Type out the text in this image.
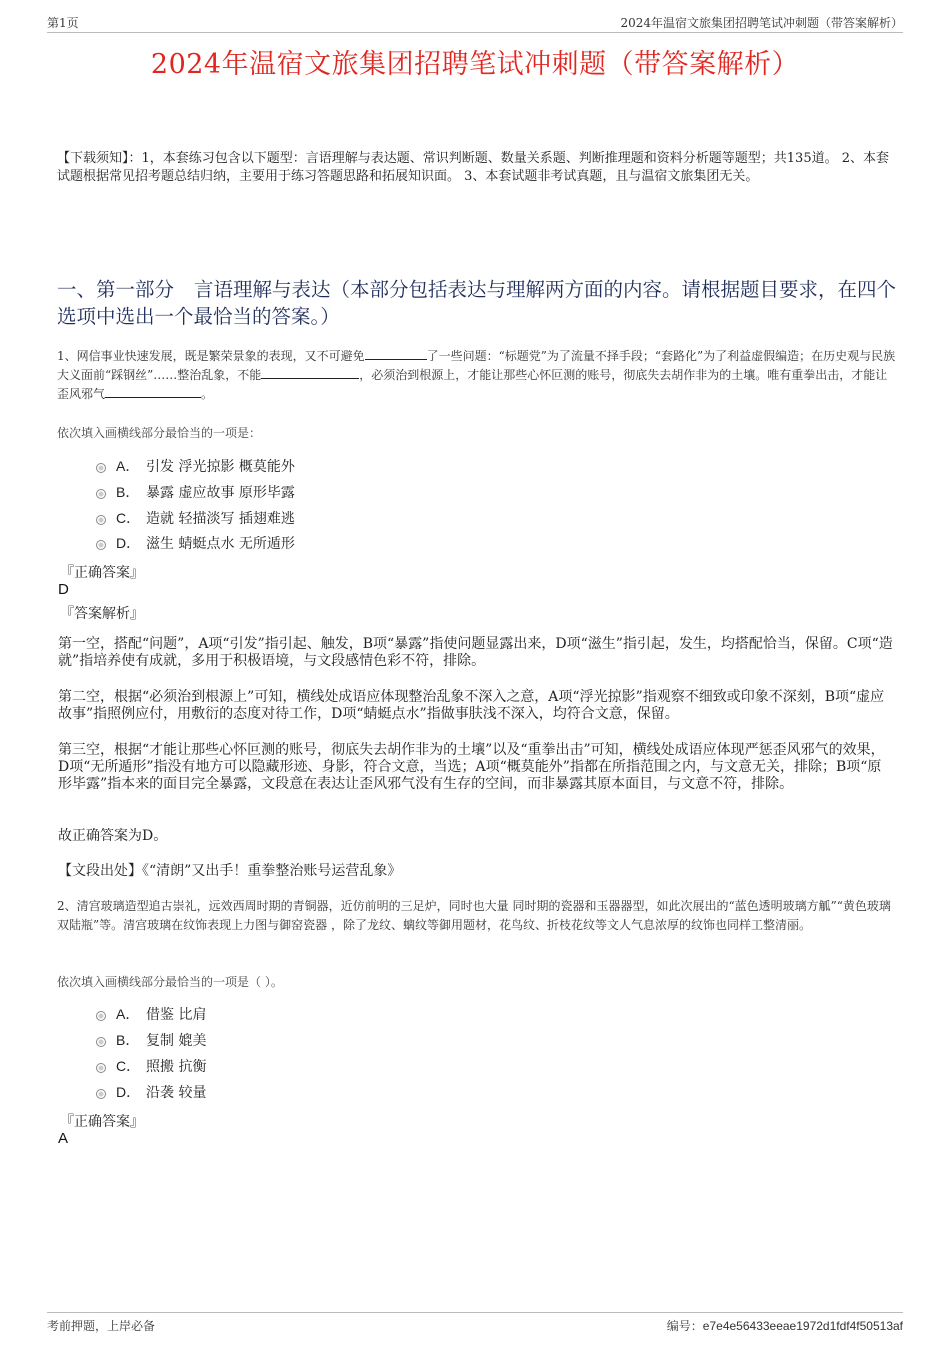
第1页	2024年温宿文旅集团招聘笔试冲刺题（带答案解析）
2024年温宿文旅集团招聘笔试冲刺题（带答案解析）
【下载须知】：1，本套练习包含以下题型：言语理解与表达题、常识判断题、数量关系题、判断推理题和资料分析题等题型；共135道。 2、本套试题根据常见招考题总结归纳，主要用于练习答题思路和拓展知识面。 3、本套试题非考试真题，且与温宿文旅集团无关。
一、第一部分 言语理解与表达（本部分包括表达与理解两方面的内容。请根据题目要求，在四个选项中选出一个最恰当的答案。）
1、网信事业快速发展，既是繁荣景象的表现，又不可避免	了一些问题：“标题党”为了流量不择手段；“套路化”为了利益虚假编造；在历史观与民族大义面前“踩钢丝”……整治乱象，不能	，必须治到根源上，才能让那些心怀叵测的账号，彻底失去胡作非为的土壤。唯有重拳出击，才能让歪风邪气	。
依次填入画横线部分最恰当的一项是：
A． 引发 浮光掠影 概莫能外
B． 暴露 虚应故事 原形毕露
C． 造就 轻描淡写 插翅难逃
D． 滋生 蜻蜓点水 无所遁形
『正确答案』
D
『答案解析』
第一空，搭配“问题”，A项“引发”指引起、触发，B项“暴露”指使问题显露出来，D项“滋生”指引起，发生，均搭配恰当，保留。C项“造就”指培养使有成就，多用于积极语境，与文段感情色彩不符，排除。
第二空，根据“必须治到根源上”可知，横线处成语应体现整治乱象不深入之意，A项“浮光掠影”指观察不细致或印象不深刻，B项“虚应故事”指照例应付，用敷衍的态度对待工作，D项“蜻蜓点水”指做事肤浅不深入，均符合文意，保留。
第三空，根据“才能让那些心怀叵测的账号，彻底失去胡作非为的土壤”以及“重拳出击”可知，横线处成语应体现严惩歪风邪气的效果，D项“无所遁形”指没有地方可以隐藏形迹、身影，符合文意，当选；A项“概莫能外”指都在所指范围之内，与文意无关，排除；B项“原形毕露”指本来的面目完全暴露，文段意在表达让歪风邪气没有生存的空间，而非暴露其原本面目，与文意不符，排除。
故正确答案为D。
【文段出处】《“清朗”又出手！重拳整治账号运营乱象》
2、清宫玻璃造型追古崇礼，远效西周时期的青铜器，近仿前明的三足炉，同时也大量 同时期的瓷器和玉器器型，如此次展出的“蓝色透明玻璃方觚”“黄色玻璃双陆瓶”等。清宫玻璃在纹饰表现上力图与御窑瓷器 ，除了龙纹、螭纹等御用题材，花鸟纹、折枝花纹等文人气息浓厚的纹饰也同样工整清丽。
依次填入画横线部分最恰当的一项是（ ）。
A． 借鉴 比肩
B． 复制 媲美
C． 照搬 抗衡
D． 沿袭 较量
『正确答案』
A
考前押题，上岸必备	编号：e7e4e56433eeae1972d1fdf4f50513af
